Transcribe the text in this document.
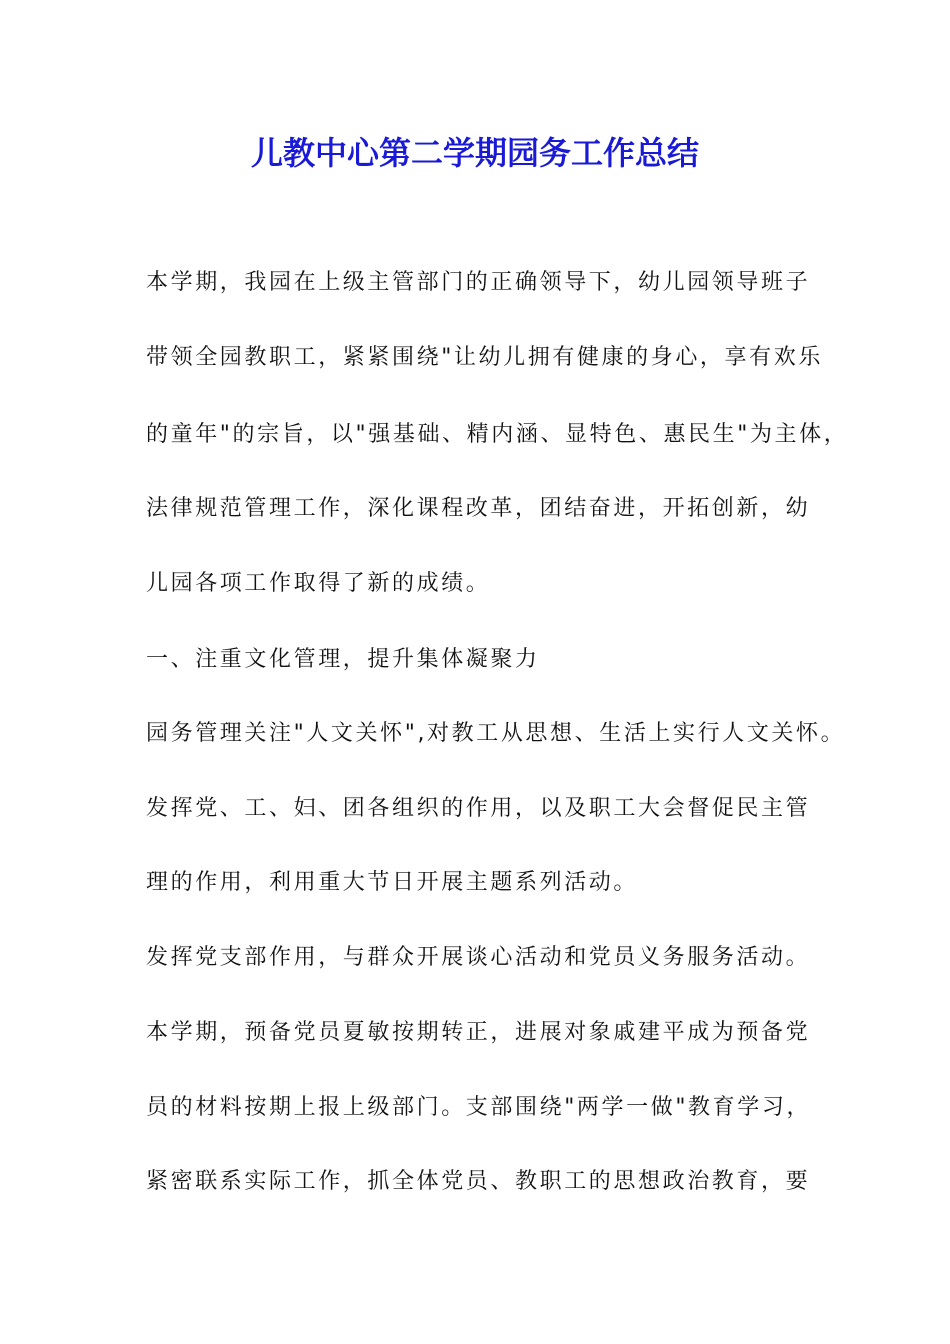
儿教中心第二学期园务工作总结
本学期，我园在上级主管部门的正确领导下，幼儿园领导班子
带领全园教职工，紧紧围绕"让幼儿拥有健康的身心，享有欢乐
的童年"的宗旨，以"强基础、精内涵、显特色、惠民生"为主体，
法律规范管理工作，深化课程改革，团结奋进，开拓创新，幼
儿园各项工作取得了新的成绩。
一、注重文化管理，提升集体凝聚力
园务管理关注"人文关怀",对教工从思想、生活上实行人文关怀。
发挥党、工、妇、团各组织的作用，以及职工大会督促民主管
理的作用，利用重大节日开展主题系列活动。
发挥党支部作用，与群众开展谈心活动和党员义务服务活动。
本学期，预备党员夏敏按期转正，进展对象戚建平成为预备党
员的材料按期上报上级部门。支部围绕"两学一做"教育学习，
紧密联系实际工作，抓全体党员、教职工的思想政治教育，要
